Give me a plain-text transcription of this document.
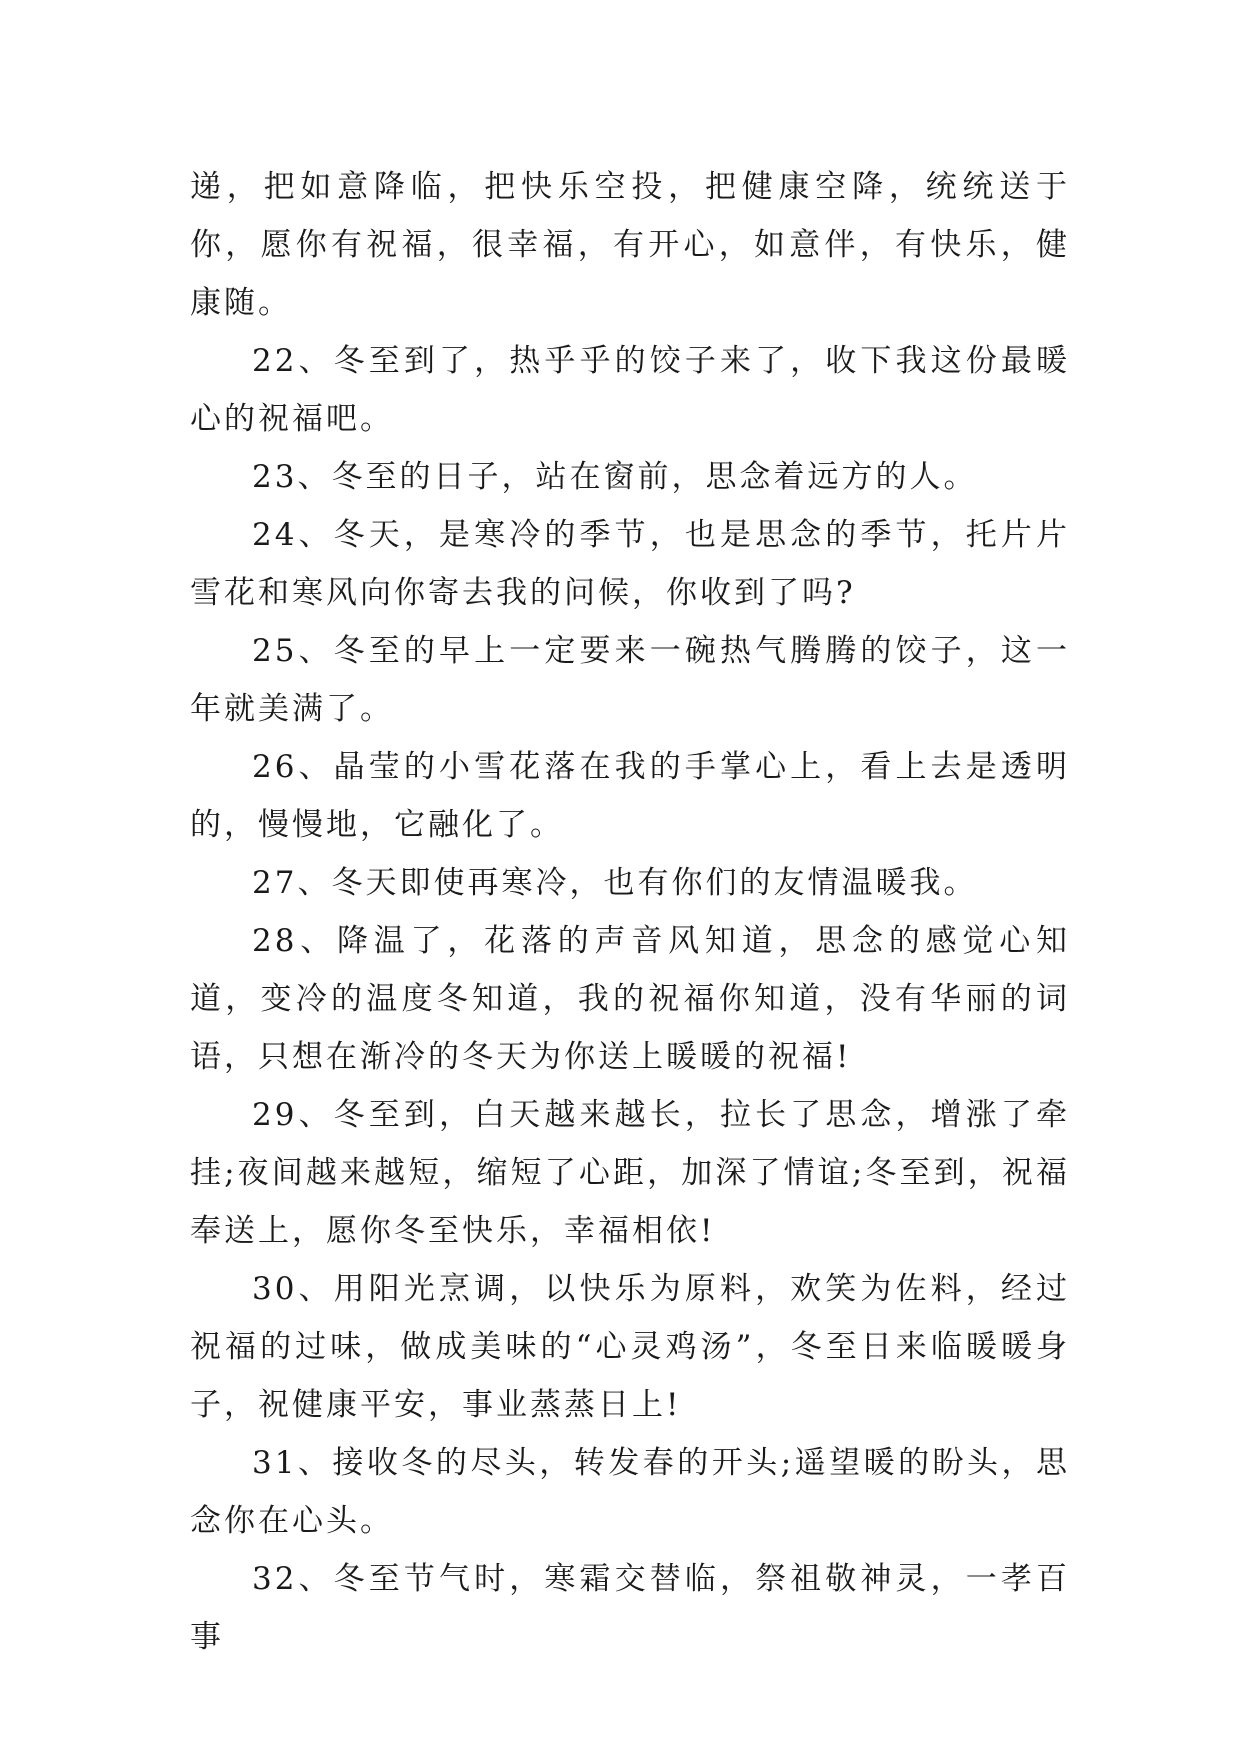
递，把如意降临，把快乐空投，把健康空降，统统送于你，愿你有祝福，很幸福，有开心，如意伴，有快乐，健康随。

22、冬至到了，热乎乎的饺子来了，收下我这份最暖心的祝福吧。

23、冬至的日子，站在窗前，思念着远方的人。

24、冬天，是寒冷的季节，也是思念的季节，托片片雪花和寒风向你寄去我的问候，你收到了吗?

25、冬至的早上一定要来一碗热气腾腾的饺子，这一年就美满了。

26、晶莹的小雪花落在我的手掌心上，看上去是透明的，慢慢地，它融化了。

27、冬天即使再寒冷，也有你们的友情温暖我。

28、降温了，花落的声音风知道，思念的感觉心知道，变冷的温度冬知道，我的祝福你知道，没有华丽的词语，只想在渐冷的冬天为你送上暖暖的祝福!

29、冬至到，白天越来越长，拉长了思念，增涨了牵挂;夜间越来越短，缩短了心距，加深了情谊;冬至到，祝福奉送上，愿你冬至快乐，幸福相依!

30、用阳光烹调，以快乐为原料，欢笑为佐料，经过祝福的过味，做成美味的“心灵鸡汤”，冬至日来临暖暖身子，祝健康平安，事业蒸蒸日上!

31、接收冬的尽头，转发春的开头;遥望暖的盼头，思念你在心头。

32、冬至节气时，寒霜交替临，祭祖敬神灵，一孝百事
